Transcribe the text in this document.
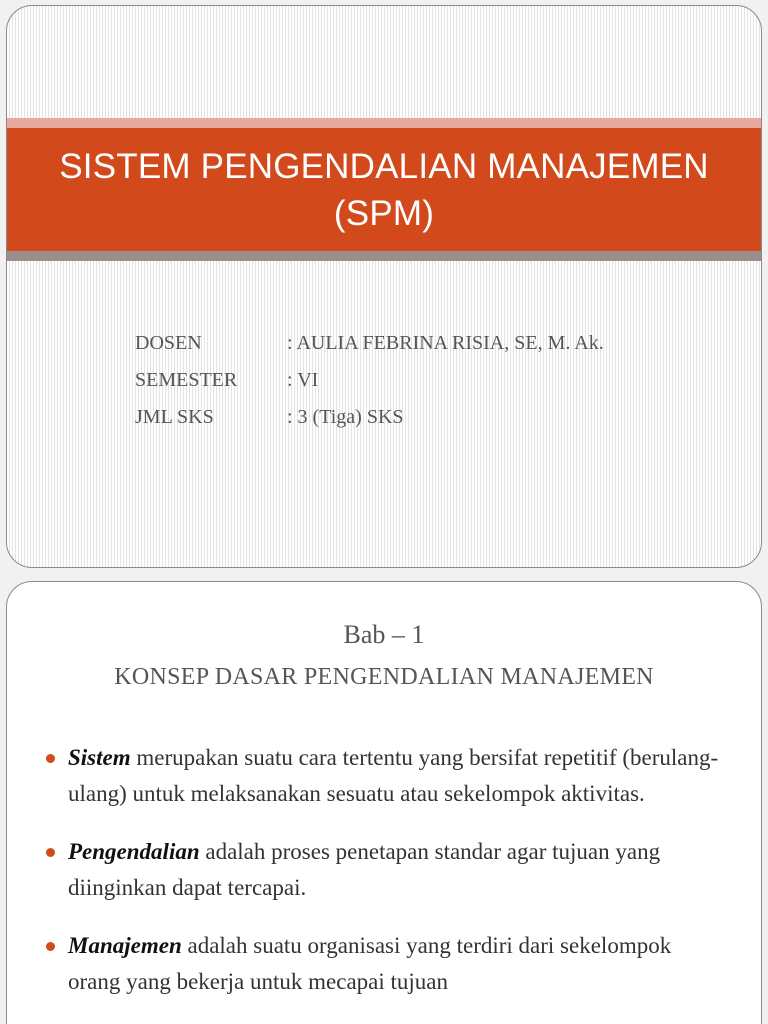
SISTEM PENGENDALIAN MANAJEMEN
(SPM)
DOSEN	: AULIA FEBRINA RISIA, SE, M. Ak.
SEMESTER	: VI
JML SKS	: 3 (Tiga) SKS
Bab – 1
KONSEP DASAR PENGENDALIAN MANAJEMEN
Sistem merupakan suatu cara tertentu yang bersifat repetitif (berulang-ulang) untuk melaksanakan sesuatu atau sekelompok aktivitas.
Pengendalian adalah proses penetapan standar agar tujuan yang diinginkan dapat tercapai.
Manajemen adalah suatu organisasi yang terdiri dari sekelompok orang yang bekerja untuk mecapai tujuan
